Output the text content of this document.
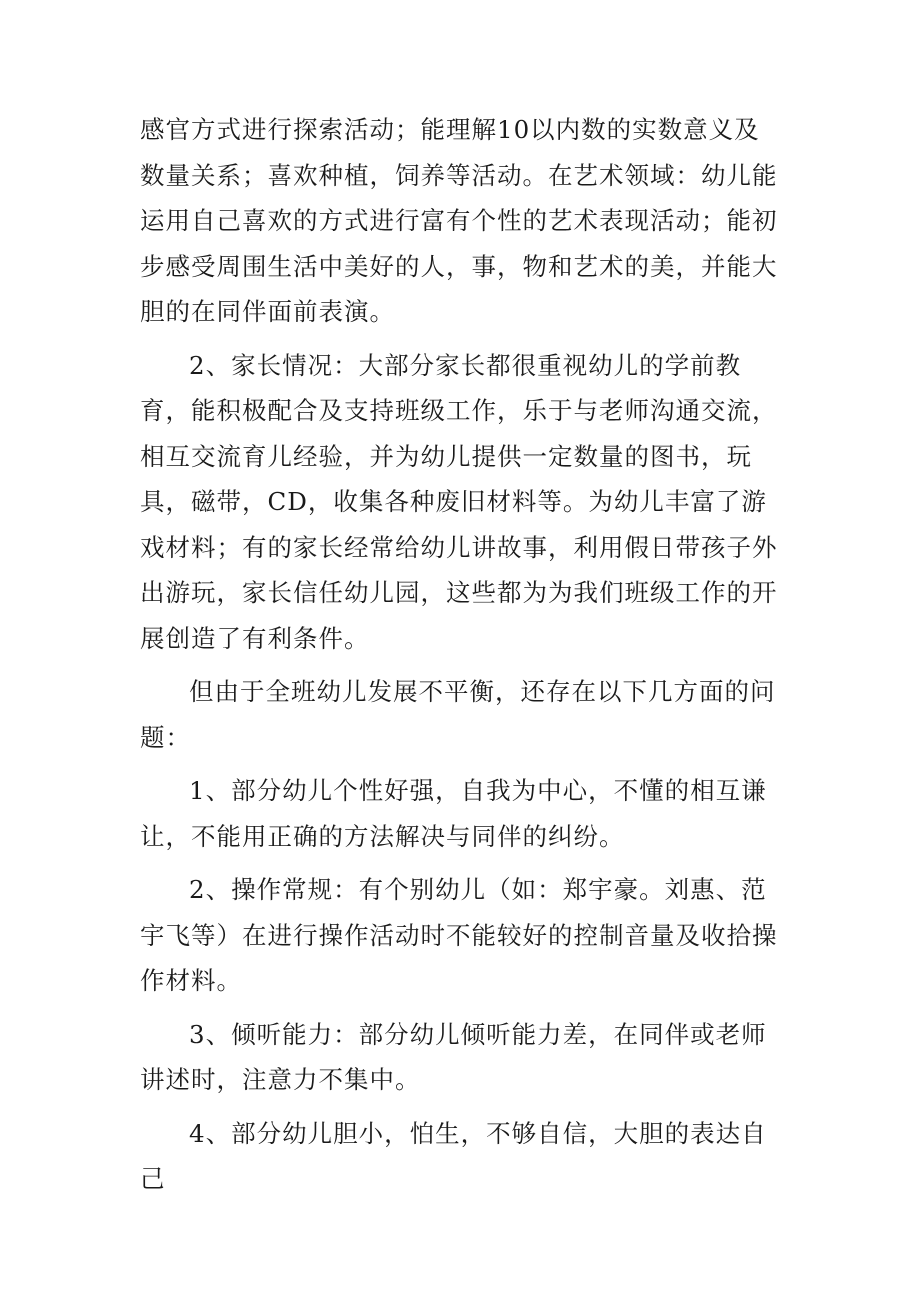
感官方式进行探索活动；能理解10以内数的实数意义及数量关系；喜欢种植，饲养等活动。在艺术领域：幼儿能运用自己喜欢的方式进行富有个性的艺术表现活动；能初步感受周围生活中美好的人，事，物和艺术的美，并能大胆的在同伴面前表演。

2、家长情况：大部分家长都很重视幼儿的学前教育，能积极配合及支持班级工作，乐于与老师沟通交流，相互交流育儿经验，并为幼儿提供一定数量的图书，玩具，磁带，CD，收集各种废旧材料等。为幼儿丰富了游戏材料；有的家长经常给幼儿讲故事，利用假日带孩子外出游玩，家长信任幼儿园，这些都为为我们班级工作的开展创造了有利条件。

但由于全班幼儿发展不平衡，还存在以下几方面的问题：

1、部分幼儿个性好强，自我为中心，不懂的相互谦让，不能用正确的方法解决与同伴的纠纷。

2、操作常规：有个别幼儿（如：郑宇豪。刘惠、范宇飞等）在进行操作活动时不能较好的控制音量及收拾操作材料。

3、倾听能力：部分幼儿倾听能力差，在同伴或老师讲述时，注意力不集中。

4、部分幼儿胆小，怕生，不够自信，大胆的表达自己
